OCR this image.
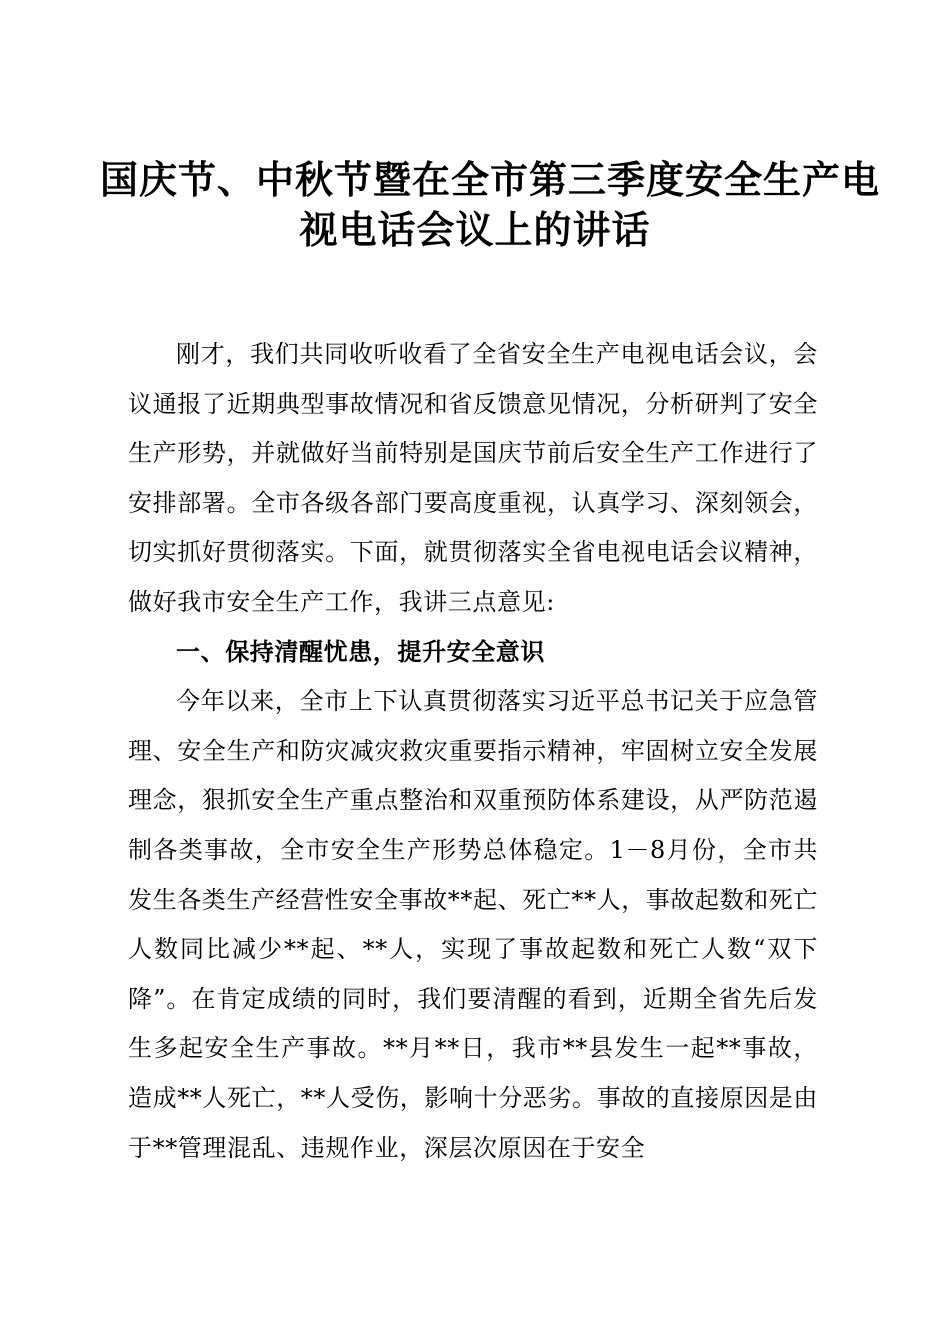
国庆节、中秋节暨在全市第三季度安全生产电
视电话会议上的讲话

刚才，我们共同收听收看了全省安全生产电视电话会议，会议通报了近期典型事故情况和省反馈意见情况，分析研判了安全生产形势，并就做好当前特别是国庆节前后安全生产工作进行了安排部署。全市各级各部门要高度重视，认真学习、深刻领会，切实抓好贯彻落实。下面，就贯彻落实全省电视电话会议精神，做好我市安全生产工作，我讲三点意见:

一、保持清醒忧患，提升安全意识

今年以来，全市上下认真贯彻落实习近平总书记关于应急管理、安全生产和防灾减灾救灾重要指示精神，牢固树立安全发展理念，狠抓安全生产重点整治和双重预防体系建设，从严防范遏制各类事故，全市安全生产形势总体稳定。1－8月份，全市共发生各类生产经营性安全事故**起、死亡**人，事故起数和死亡人数同比减少**起、**人，实现了事故起数和死亡人数“双下降”。在肯定成绩的同时，我们要清醒的看到，近期全省先后发生多起安全生产事故。**月**日，我市**县发生一起**事故，造成**人死亡，**人受伤，影响十分恶劣。事故的直接原因是由于**管理混乱、违规作业，深层次原因在于安全
